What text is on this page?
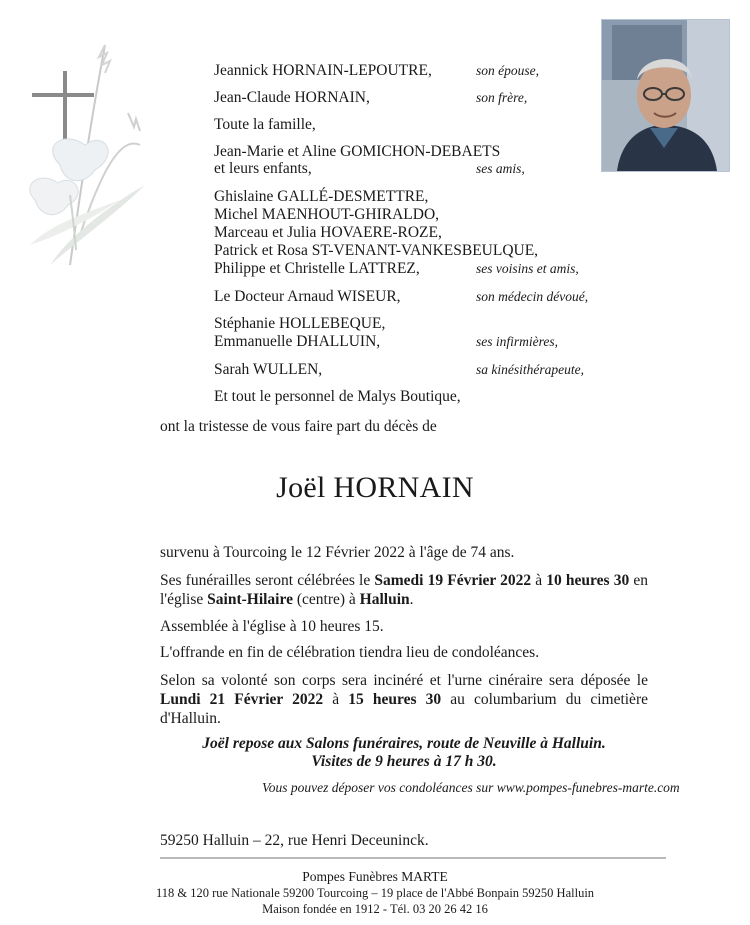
Jeannick HORNAIN-LEPOUTRE,	son épouse,
Jean-Claude HORNAIN,	son frère,
Toute la famille,
Jean-Marie et Aline GOMICHON-DEBAETS
et leurs enfants,	ses amis,
Ghislaine GALLÉ-DESMETTRE,
Michel MAENHOUT-GHIRALDO,
Marceau et Julia HOVAERE-ROZE,
Patrick et Rosa ST-VENANT-VANKESBEULQUE,
Philippe et Christelle LATTREZ,	ses voisins et amis,
Le Docteur Arnaud WISEUR,	son médecin dévoué,
Stéphanie HOLLEBEQUE,
Emmanuelle DHALLUIN,	ses infirmières,
Sarah WULLEN,	sa kinésithérapeute,
Et tout le personnel de Malys Boutique,
ont la tristesse de vous faire part du décès de
Joël HORNAIN
survenu à Tourcoing le 12 Février 2022 à l'âge de 74 ans.
Ses funérailles seront célébrées le Samedi 19 Février 2022 à 10 heures 30 en l'église Saint-Hilaire (centre) à Halluin.
Assemblée à l'église à 10 heures 15.
L'offrande en fin de célébration tiendra lieu de condoléances.
Selon sa volonté son corps sera incinéré et l'urne cinéraire sera déposée le Lundi 21 Février 2022 à 15 heures 30 au columbarium du cimetière d'Halluin.
Joël repose aux Salons funéraires, route de Neuville à Halluin.
Visites de 9 heures à 17 h 30.
Vous pouvez déposer vos condoléances sur www.pompes-funebres-marte.com
59250 Halluin – 22, rue Henri Deceuninck.
Pompes Funèbres MARTE
118 & 120 rue Nationale 59200 Tourcoing – 19 place de l'Abbé Bonpain 59250 Halluin
Maison fondée en 1912 - Tél. 03 20 26 42 16
